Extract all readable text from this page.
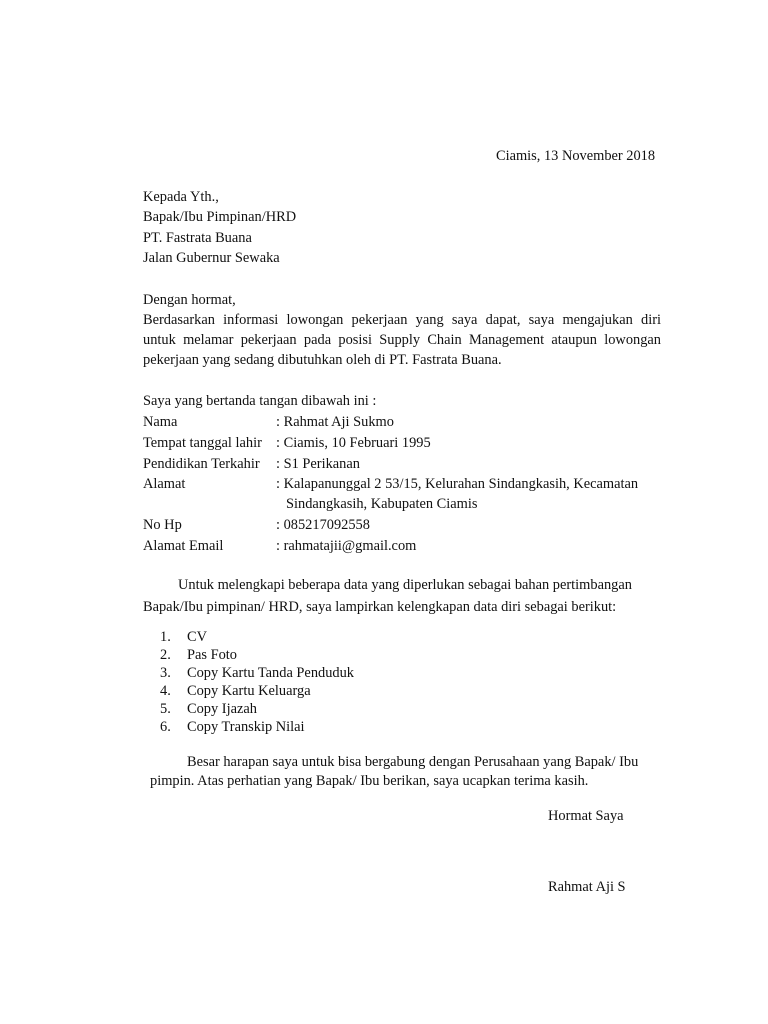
Ciamis, 13 November 2018
Kepada Yth.,
Bapak/Ibu Pimpinan/HRD
PT. Fastrata Buana
Jalan Gubernur Sewaka
Dengan hormat,
Berdasarkan informasi lowongan pekerjaan yang saya dapat, saya mengajukan diri
untuk melamar pekerjaan pada posisi Supply Chain Management ataupun lowongan
pekerjaan yang sedang dibutuhkan oleh di PT. Fastrata Buana.
Saya yang bertanda tangan dibawah ini :
Nama	: Rahmat Aji Sukmo
Tempat tanggal lahir : Ciamis, 10 Februari 1995
Pendidikan Terkahir : S1 Perikanan
Alamat	: Kalapanunggal 2 53/15, Kelurahan Sindangkasih, Kecamatan
Sindangkasih, Kabupaten Ciamis
No Hp	: 085217092558
Alamat Email	: rahmatajii@gmail.com
Untuk melengkapi beberapa data yang diperlukan sebagai bahan pertimbangan
Bapak/Ibu pimpinan/ HRD, saya lampirkan kelengkapan data diri sebagai berikut:
1. CV
2. Pas Foto
3. Copy Kartu Tanda Penduduk
4. Copy Kartu Keluarga
5. Copy Ijazah
6. Copy Transkip Nilai
Besar harapan saya untuk bisa bergabung dengan Perusahaan yang Bapak/ Ibu
pimpin. Atas perhatian yang Bapak/ Ibu berikan, saya ucapkan terima kasih.
Hormat Saya
Rahmat Aji S
